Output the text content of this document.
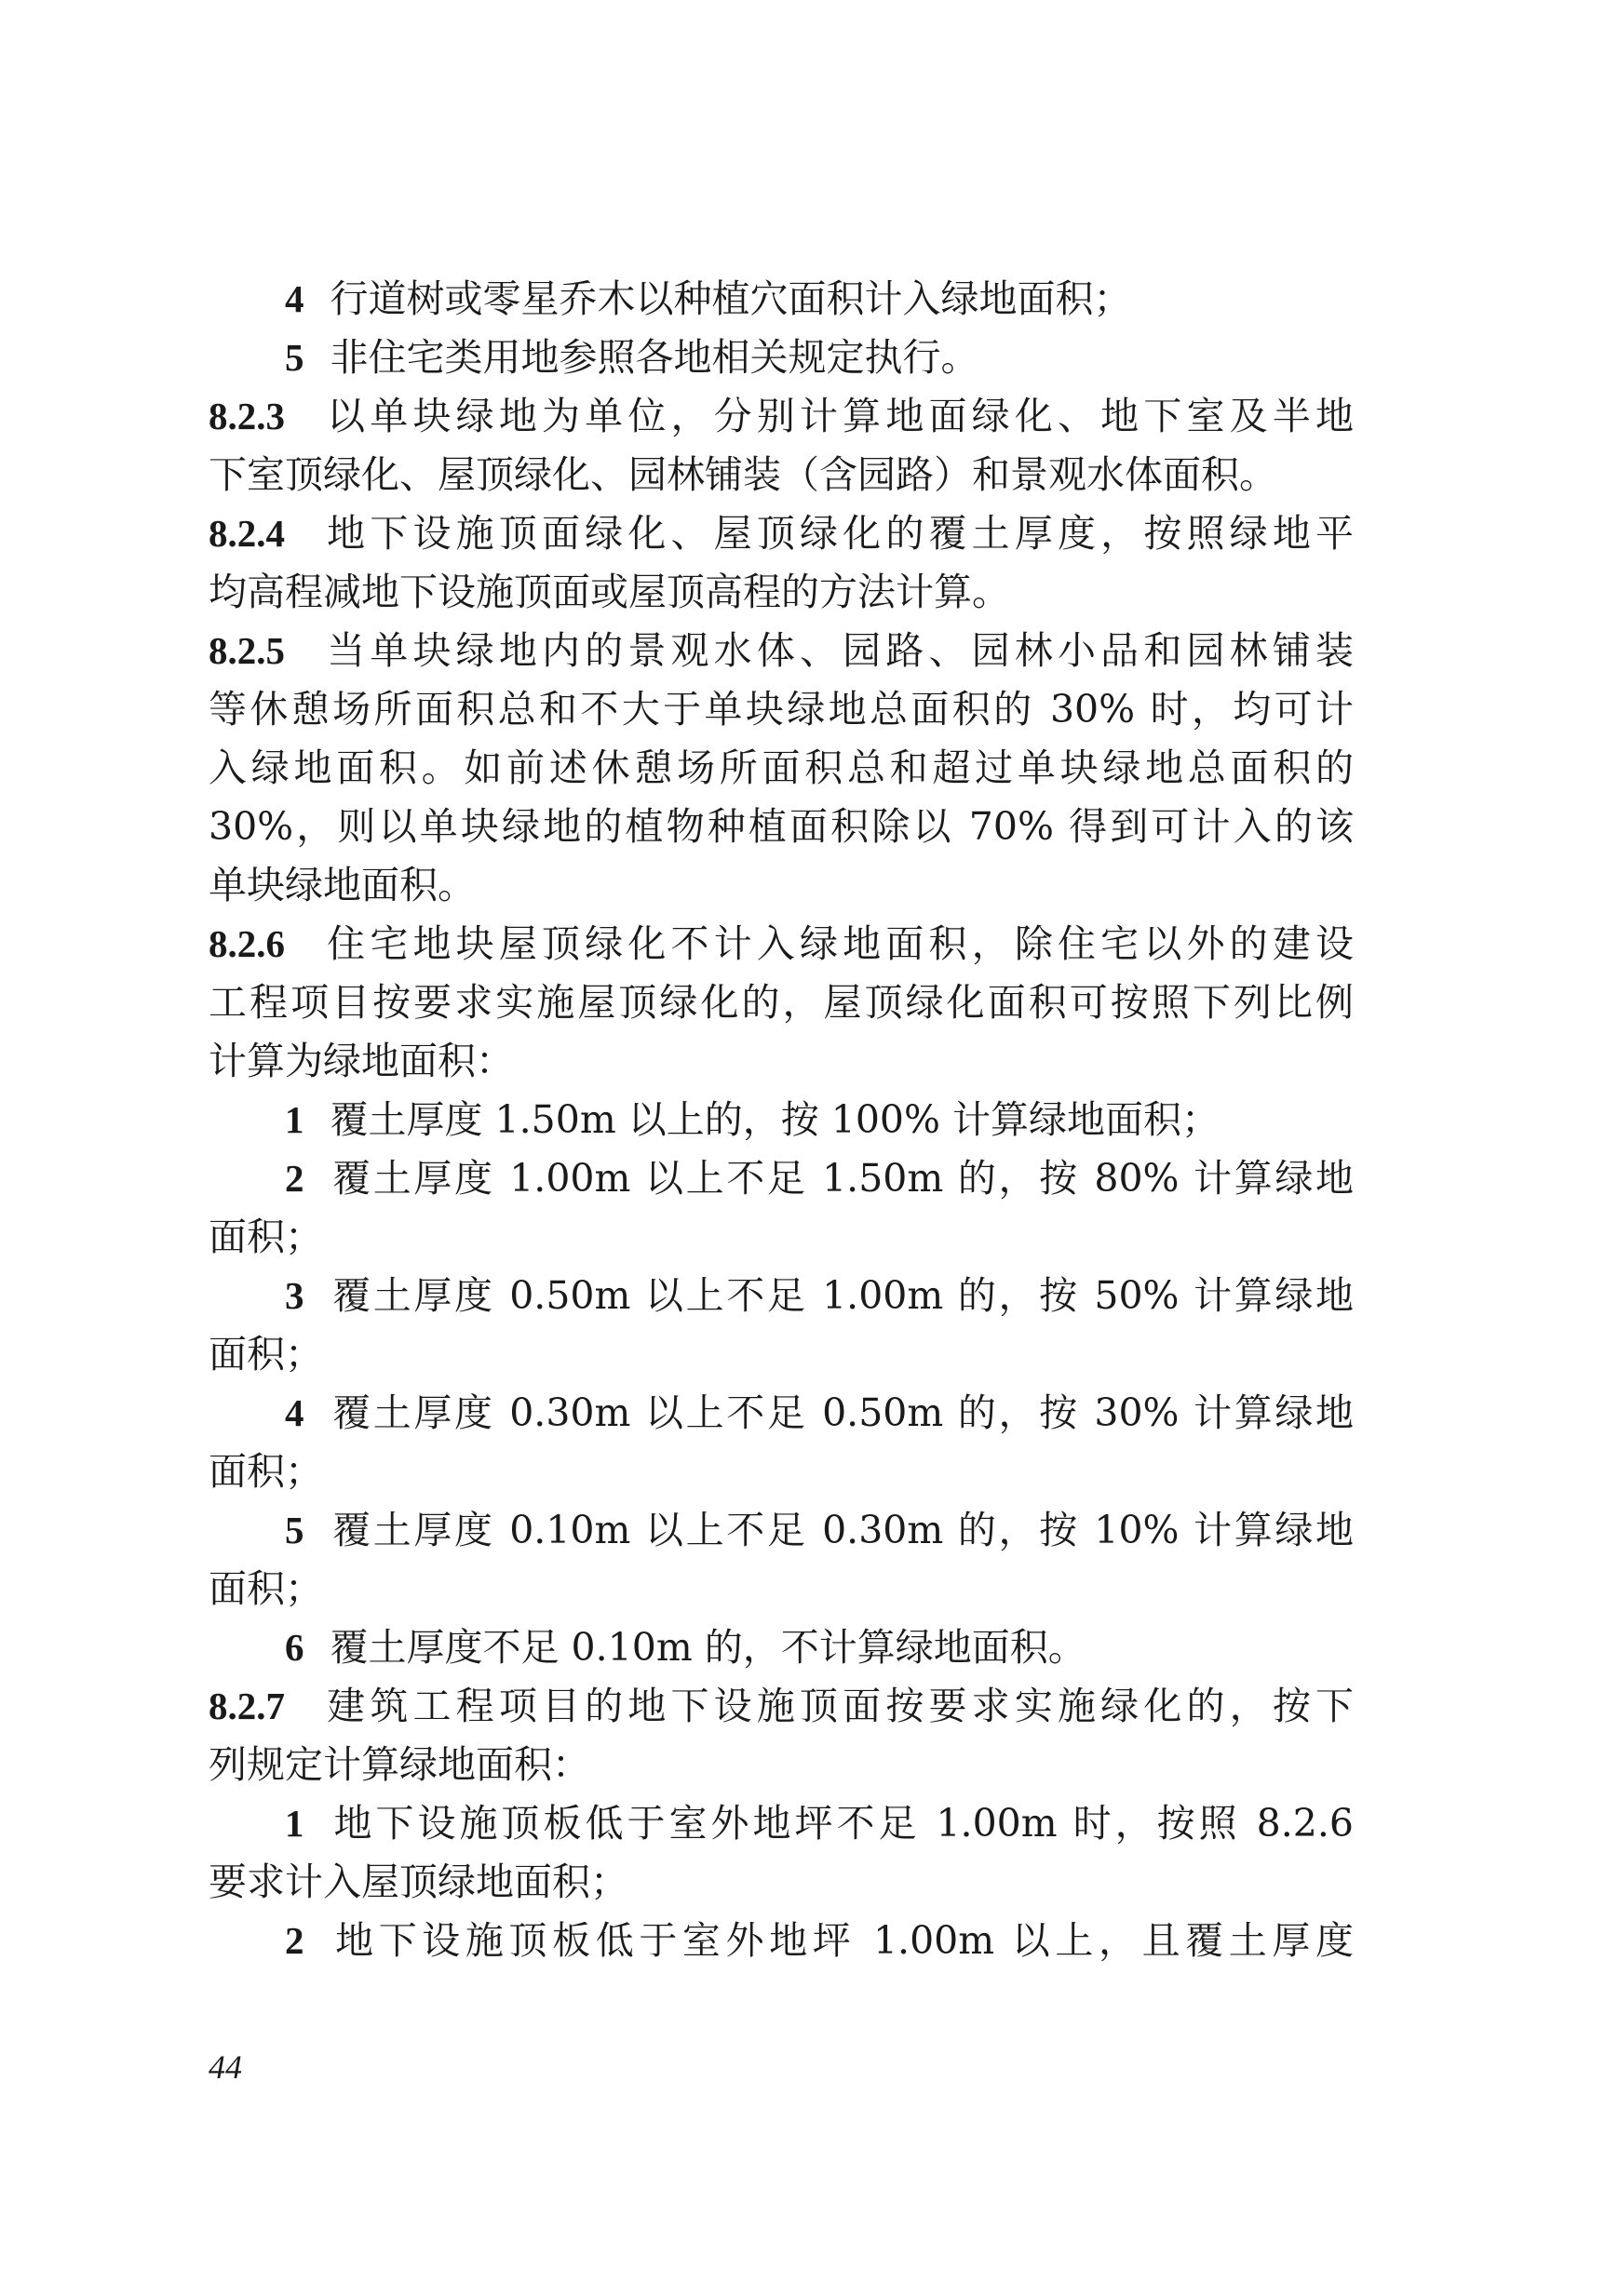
4 行道树或零星乔木以种植穴面积计入绿地面积；
5 非住宅类用地参照各地相关规定执行。
8.2.3 以单块绿地为单位，分别计算地面绿化、地下室及半地
下室顶绿化、屋顶绿化、园林铺装（含园路）和景观水体面积。
8.2.4 地下设施顶面绿化、屋顶绿化的覆土厚度，按照绿地平
均高程减地下设施顶面或屋顶高程的方法计算。
8.2.5 当单块绿地内的景观水体、园路、园林小品和园林铺装
等休憩场所面积总和不大于单块绿地总面积的 30% 时，均可计
入绿地面积。如前述休憩场所面积总和超过单块绿地总面积的
30%，则以单块绿地的植物种植面积除以 70% 得到可计入的该
单块绿地面积。
8.2.6 住宅地块屋顶绿化不计入绿地面积，除住宅以外的建设
工程项目按要求实施屋顶绿化的，屋顶绿化面积可按照下列比例
计算为绿地面积：
1 覆土厚度 1.50m 以上的，按 100% 计算绿地面积；
2 覆土厚度 1.00m 以上不足 1.50m 的，按 80% 计算绿地
面积；
3 覆土厚度 0.50m 以上不足 1.00m 的，按 50% 计算绿地
面积；
4 覆土厚度 0.30m 以上不足 0.50m 的，按 30% 计算绿地
面积；
5 覆土厚度 0.10m 以上不足 0.30m 的，按 10% 计算绿地
面积；
6 覆土厚度不足 0.10m 的，不计算绿地面积。
8.2.7 建筑工程项目的地下设施顶面按要求实施绿化的，按下
列规定计算绿地面积：
1 地下设施顶板低于室外地坪不足 1.00m 时，按照 8.2.6
要求计入屋顶绿地面积；
2 地下设施顶板低于室外地坪 1.00m 以上，且覆土厚度
44
